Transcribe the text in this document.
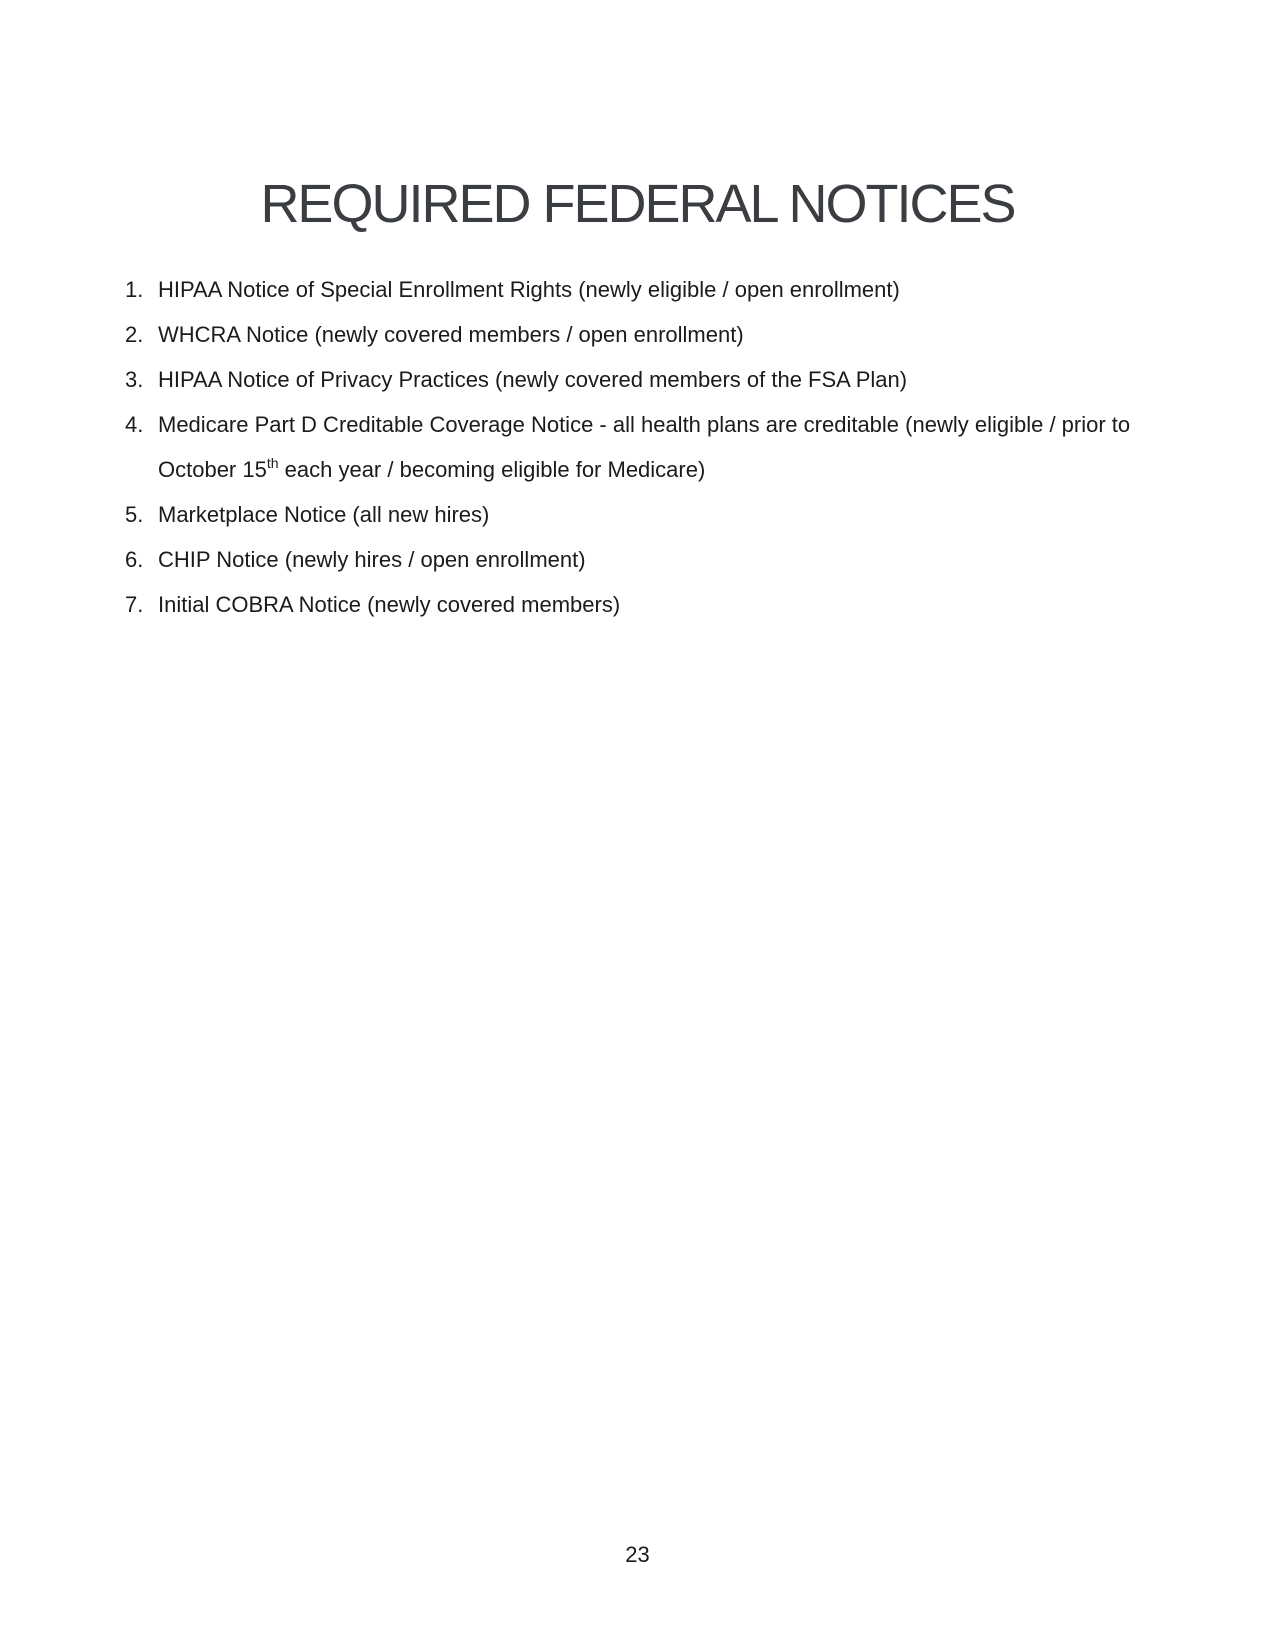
REQUIRED FEDERAL NOTICES
1. HIPAA Notice of Special Enrollment Rights (newly eligible / open enrollment)
2. WHCRA Notice (newly covered members / open enrollment)
3. HIPAA Notice of Privacy Practices (newly covered members of the FSA Plan)
4. Medicare Part D Creditable Coverage Notice - all health plans are creditable (newly eligible / prior to
October 15th each year / becoming eligible for Medicare)
5. Marketplace Notice (all new hires)
6. CHIP Notice (newly hires / open enrollment)
7. Initial COBRA Notice (newly covered members)
23
